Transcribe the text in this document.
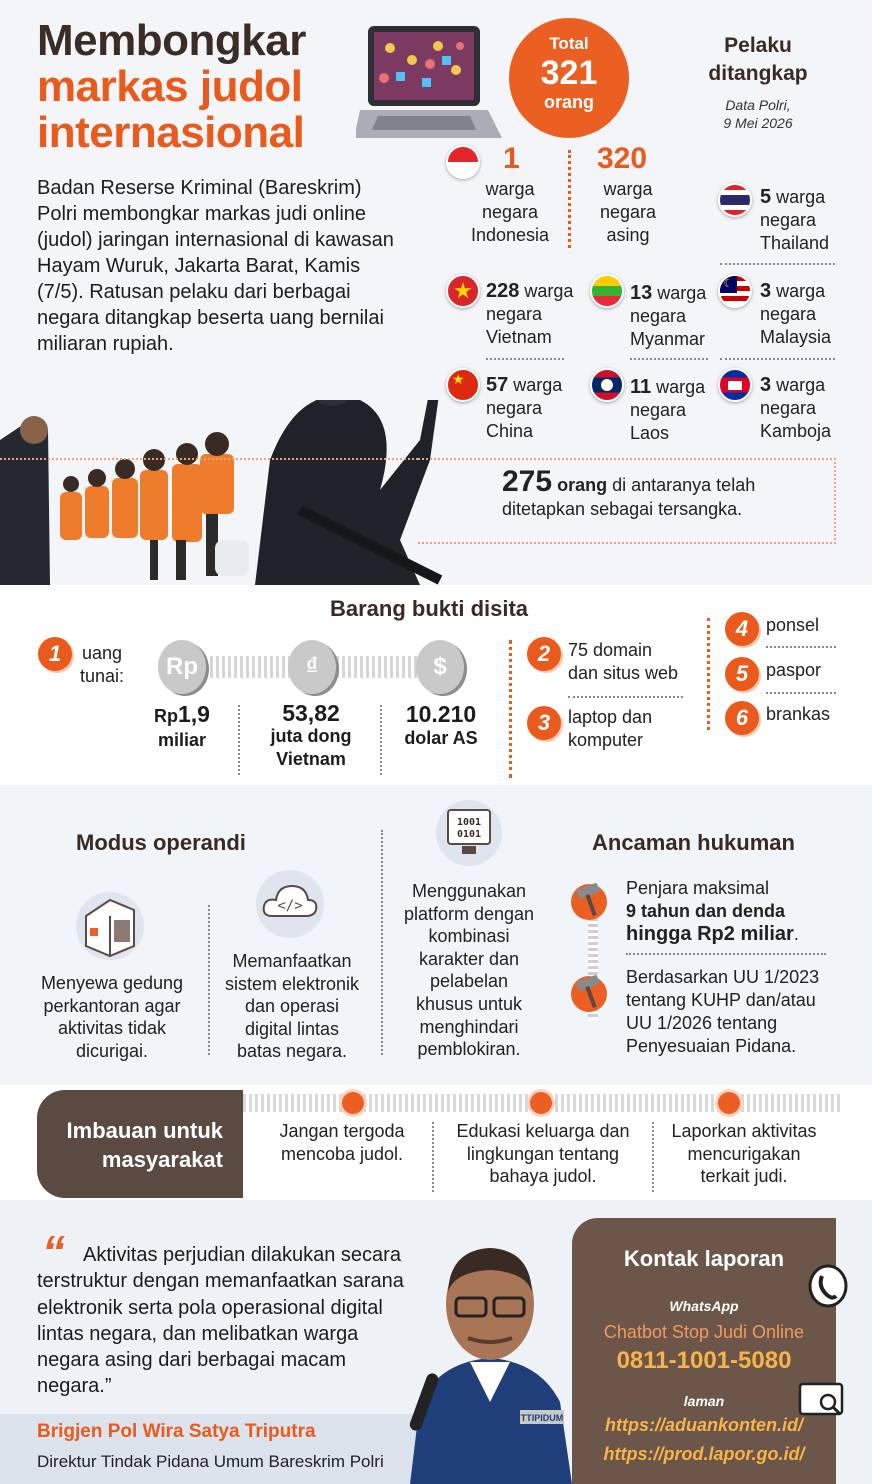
Membongkar
markas judol
internasional
Badan Reserse Kriminal (Bareskrim) Polri membongkar markas judi online (judol) jaringan internasional di kawasan Hayam Wuruk, Jakarta Barat, Kamis (7/5). Ratusan pelaku dari berbagai negara ditangkap beserta uang bernilai miliaran rupiah.
Total
321
orang
Pelaku
ditangkap
Data Polri,
9 Mei 2026
1
warga
negara
Indonesia
320
warga
negara
asing
5 warga
negara
Thailand
★ 228 warga
negara
Vietnam
13 warga
negara
Myanmar
☾ 3 warga
negara
Malaysia
★	57 warga
negara
China
11 warga
negara
Laos
3 warga
negara
Kamboja
275 orang di antaranya telah
ditetapkan sebagai tersangka.
Barang bukti disita
1	uang
tunai:	Rp	₫	$
Rp1,9
miliar
53,82
juta dong
Vietnam
10.210
dolar AS
2 75 domain
dan situs web
3 laptop dan
komputer
4 ponsel
5 paspor
6 brankas
Modus operandi
Menyewa gedung
perkantoran agar
aktivitas tidak
dicurigai.
</>
Memanfaatkan
sistem elektronik
dan operasi
digital lintas
batas negara.
1001
0101
Menggunakan
platform dengan
kombinasi
karakter dan
pelabelan
khusus untuk
menghindari
pemblokiran.
Ancaman hukuman
Penjara maksimal
9 tahun dan denda
hingga Rp2 miliar.
Berdasarkan UU 1/2023
tentang KUHP dan/atau
UU 1/2026 tentang
Penyesuaian Pidana.
Imbauan untuk
masyarakat
Jangan tergoda
mencoba judol.
Edukasi keluarga dan
lingkungan tentang
bahaya judol.
Laporkan aktivitas
mencurigakan
terkait judi.
“ Aktivitas perjudian dilakukan secara terstruktur dengan memanfaatkan sarana elektronik serta pola operasional digital lintas negara, dan melibatkan warga negara asing dari berbagai macam negara.”
Brigjen Pol Wira Satya Triputra
Direktur Tindak Pidana Umum Bareskrim Polri
TTIPIDUM
Kontak laporan
WhatsApp
Chatbot Stop Judi Online
0811-1001-5080
laman
https://aduankonten.id/
https://prod.lapor.go.id/
